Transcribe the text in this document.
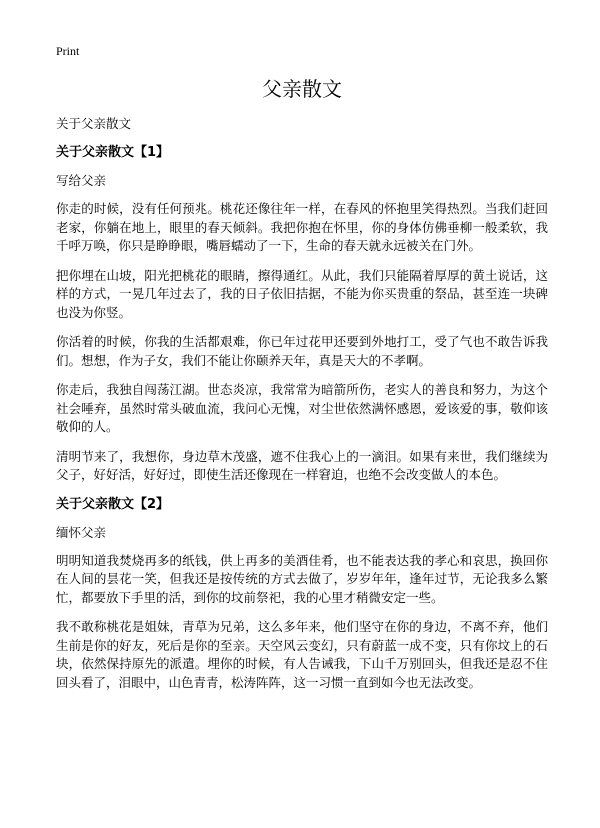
Print
父亲散文
关于父亲散文
关于父亲散文【1】
写给父亲

你走的时候，没有任何预兆。桃花还像往年一样，在春风的怀抱里笑得热烈。当我们赶回老家，你躺在地上，眼里的春天倾斜。我把你抱在怀里，你的身体仿佛垂柳一般柔软，我千呼万唤，你只是睁睁眼，嘴唇蠕动了一下，生命的春天就永远被关在门外。

把你埋在山坡，阳光把桃花的眼睛，擦得通红。从此，我们只能隔着厚厚的黄土说话，这样的方式，一晃几年过去了，我的日子依旧拮据，不能为你买贵重的祭品，甚至连一块碑也没为你竖。

你活着的时候，你我的生活都艰难，你已年过花甲还要到外地打工，受了气也不敢告诉我们。想想，作为子女，我们不能让你颐养天年，真是天大的不孝啊。

你走后，我独自闯荡江湖。世态炎凉，我常常为暗箭所伤，老实人的善良和努力，为这个社会唾弃，虽然时常头破血流，我问心无愧，对尘世依然满怀感恩，爱该爱的事，敬仰该敬仰的人。

清明节来了，我想你，身边草木茂盛，遮不住我心上的一滴泪。如果有来世，我们继续为父子，好好活，好好过，即使生活还像现在一样窘迫，也绝不会改变做人的本色。

关于父亲散文【2】
缅怀父亲

明明知道我焚烧再多的纸钱，供上再多的美酒佳肴，也不能表达我的孝心和哀思，换回你在人间的昙花一笑，但我还是按传统的方式去做了，岁岁年年，逢年过节，无论我多么繁忙，都要放下手里的活，到你的坟前祭祀，我的心里才稍微安定一些。

我不敢称桃花是姐妹，青草为兄弟，这么多年来，他们坚守在你的身边，不离不弃，他们生前是你的好友，死后是你的至亲。天空风云变幻，只有蔚蓝一成不变，只有你坟上的石块，依然保持原先的派遣。埋你的时候，有人告诫我，下山千万别回头，但我还是忍不住回头看了，泪眼中，山色青青，松涛阵阵，这一习惯一直到如今也无法改变。
